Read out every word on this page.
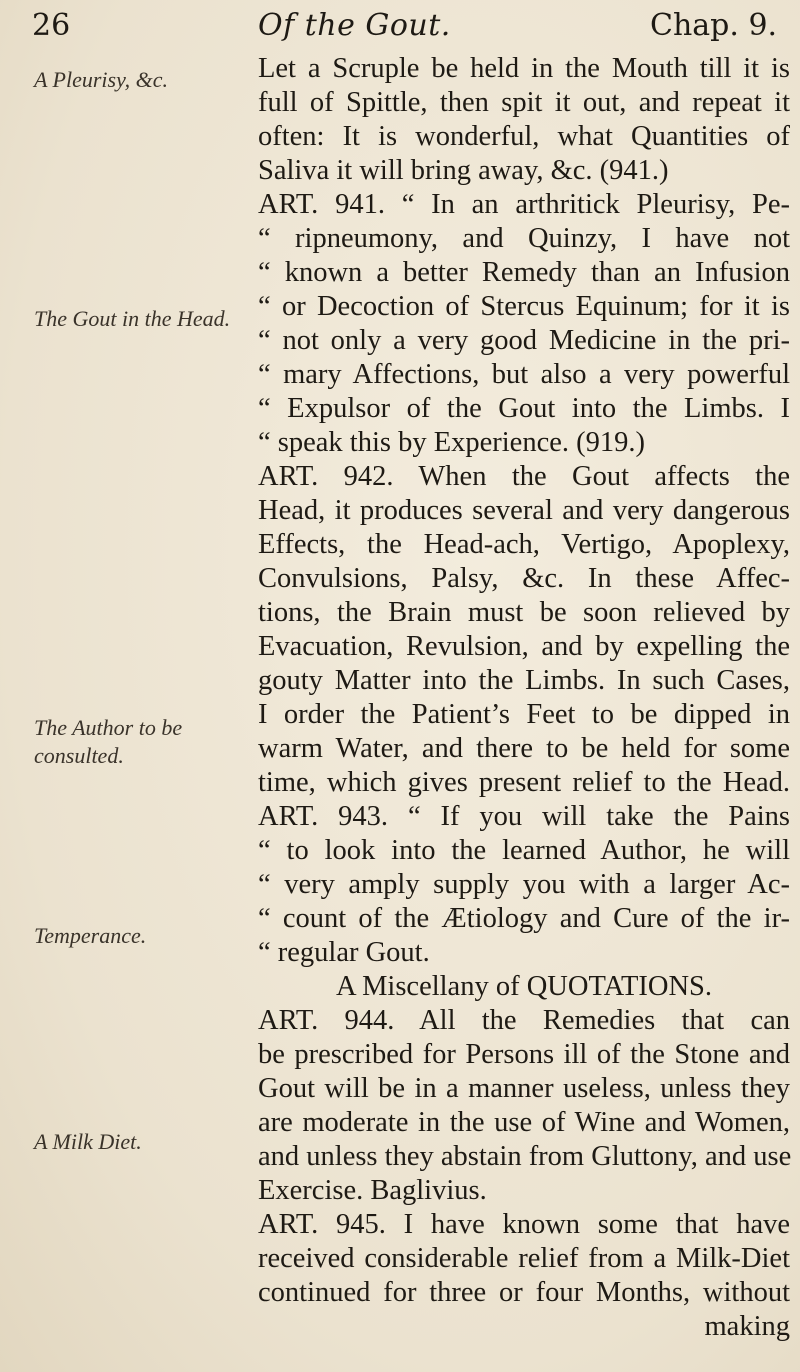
26	Of the Gout.	Chap. 9.
A Pleurisy, &c.
The Gout in the Head.
The Author to be consulted.
Temperance.
A Milk Diet.
Let a Scruple be held in the Mouth till it is
full of Spittle, then spit it out, and repeat it
often: It is wonderful, what Quantities of
Saliva it will bring away, &c. (941.)
ART. 941. “ In an arthritick Pleurisy, Pe-
“ ripneumony, and Quinzy, I have not
“ known a better Remedy than an Infusion
“ or Decoction of Stercus Equinum; for it is
“ not only a very good Medicine in the pri-
“ mary Affections, but also a very powerful
“ Expulsor of the Gout into the Limbs. I
“ speak this by Experience. (919.)
ART. 942. When the Gout affects the
Head, it produces several and very dangerous
Effects, the Head-ach, Vertigo, Apoplexy,
Convulsions, Palsy, &c. In these Affec-
tions, the Brain must be soon relieved by
Evacuation, Revulsion, and by expelling the
gouty Matter into the Limbs. In such Cases,
I order the Patient’s Feet to be dipped in
warm Water, and there to be held for some
time, which gives present relief to the Head.
ART. 943. “ If you will take the Pains
“ to look into the learned Author, he will
“ very amply supply you with a larger Ac-
“ count of the Ætiology and Cure of the ir-
“ regular Gout.
A Miscellany of QUOTATIONS.
ART. 944. All the Remedies that can
be prescribed for Persons ill of the Stone and
Gout will be in a manner useless, unless they
are moderate in the use of Wine and Women,
and unless they abstain from Gluttony, and use
Exercise. Baglivius.
ART. 945. I have known some that have
received considerable relief from a Milk-Diet
continued for three or four Months, without
making
